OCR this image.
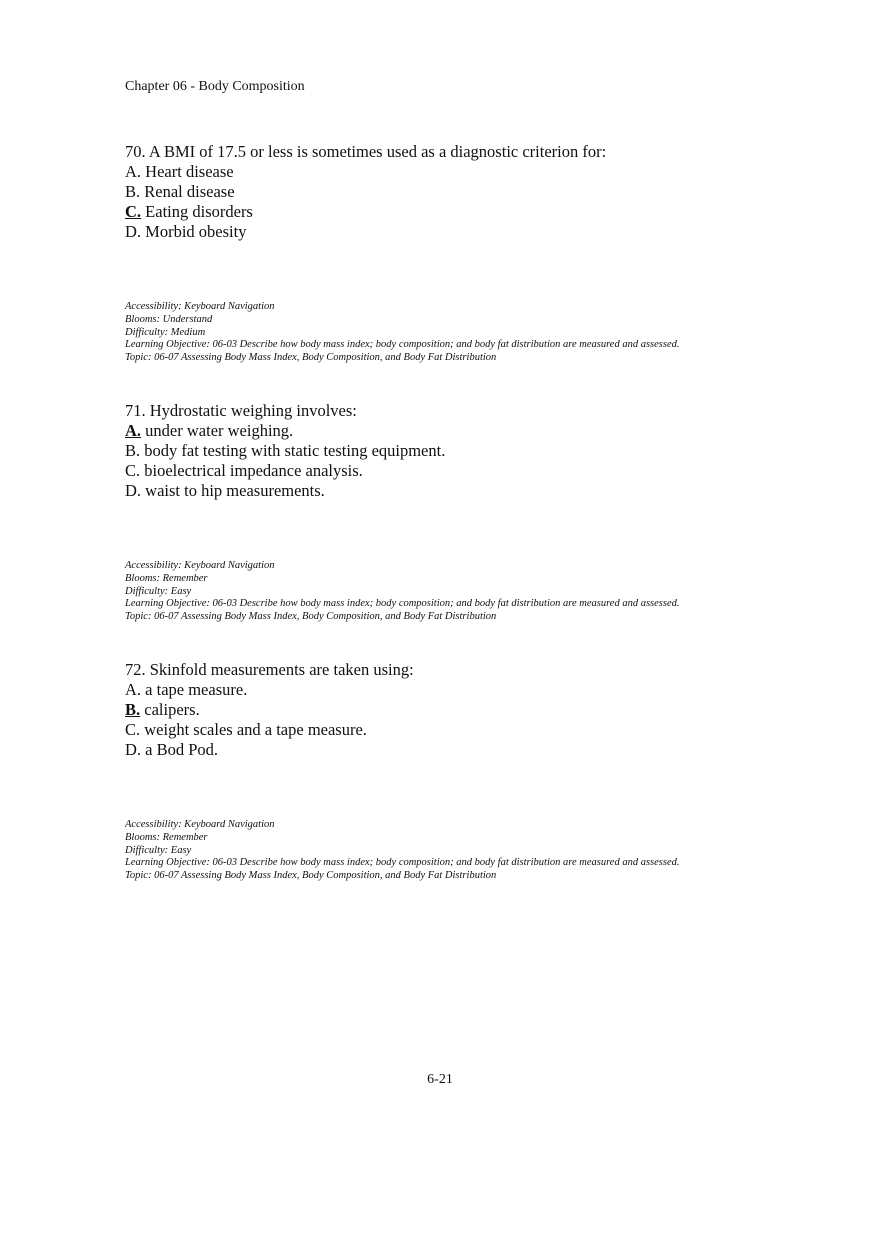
Chapter 06 - Body Composition
70. A BMI of 17.5 or less is sometimes used as a diagnostic criterion for:
A. Heart disease
B. Renal disease
C. Eating disorders
D. Morbid obesity
Accessibility: Keyboard Navigation
Blooms: Understand
Difficulty: Medium
Learning Objective: 06-03 Describe how body mass index; body composition; and body fat distribution are measured and assessed.
Topic: 06-07 Assessing Body Mass Index, Body Composition, and Body Fat Distribution
71. Hydrostatic weighing involves:
A. under water weighing.
B. body fat testing with static testing equipment.
C. bioelectrical impedance analysis.
D. waist to hip measurements.
Accessibility: Keyboard Navigation
Blooms: Remember
Difficulty: Easy
Learning Objective: 06-03 Describe how body mass index; body composition; and body fat distribution are measured and assessed.
Topic: 06-07 Assessing Body Mass Index, Body Composition, and Body Fat Distribution
72. Skinfold measurements are taken using:
A. a tape measure.
B. calipers.
C. weight scales and a tape measure.
D. a Bod Pod.
Accessibility: Keyboard Navigation
Blooms: Remember
Difficulty: Easy
Learning Objective: 06-03 Describe how body mass index; body composition; and body fat distribution are measured and assessed.
Topic: 06-07 Assessing Body Mass Index, Body Composition, and Body Fat Distribution
6-21
